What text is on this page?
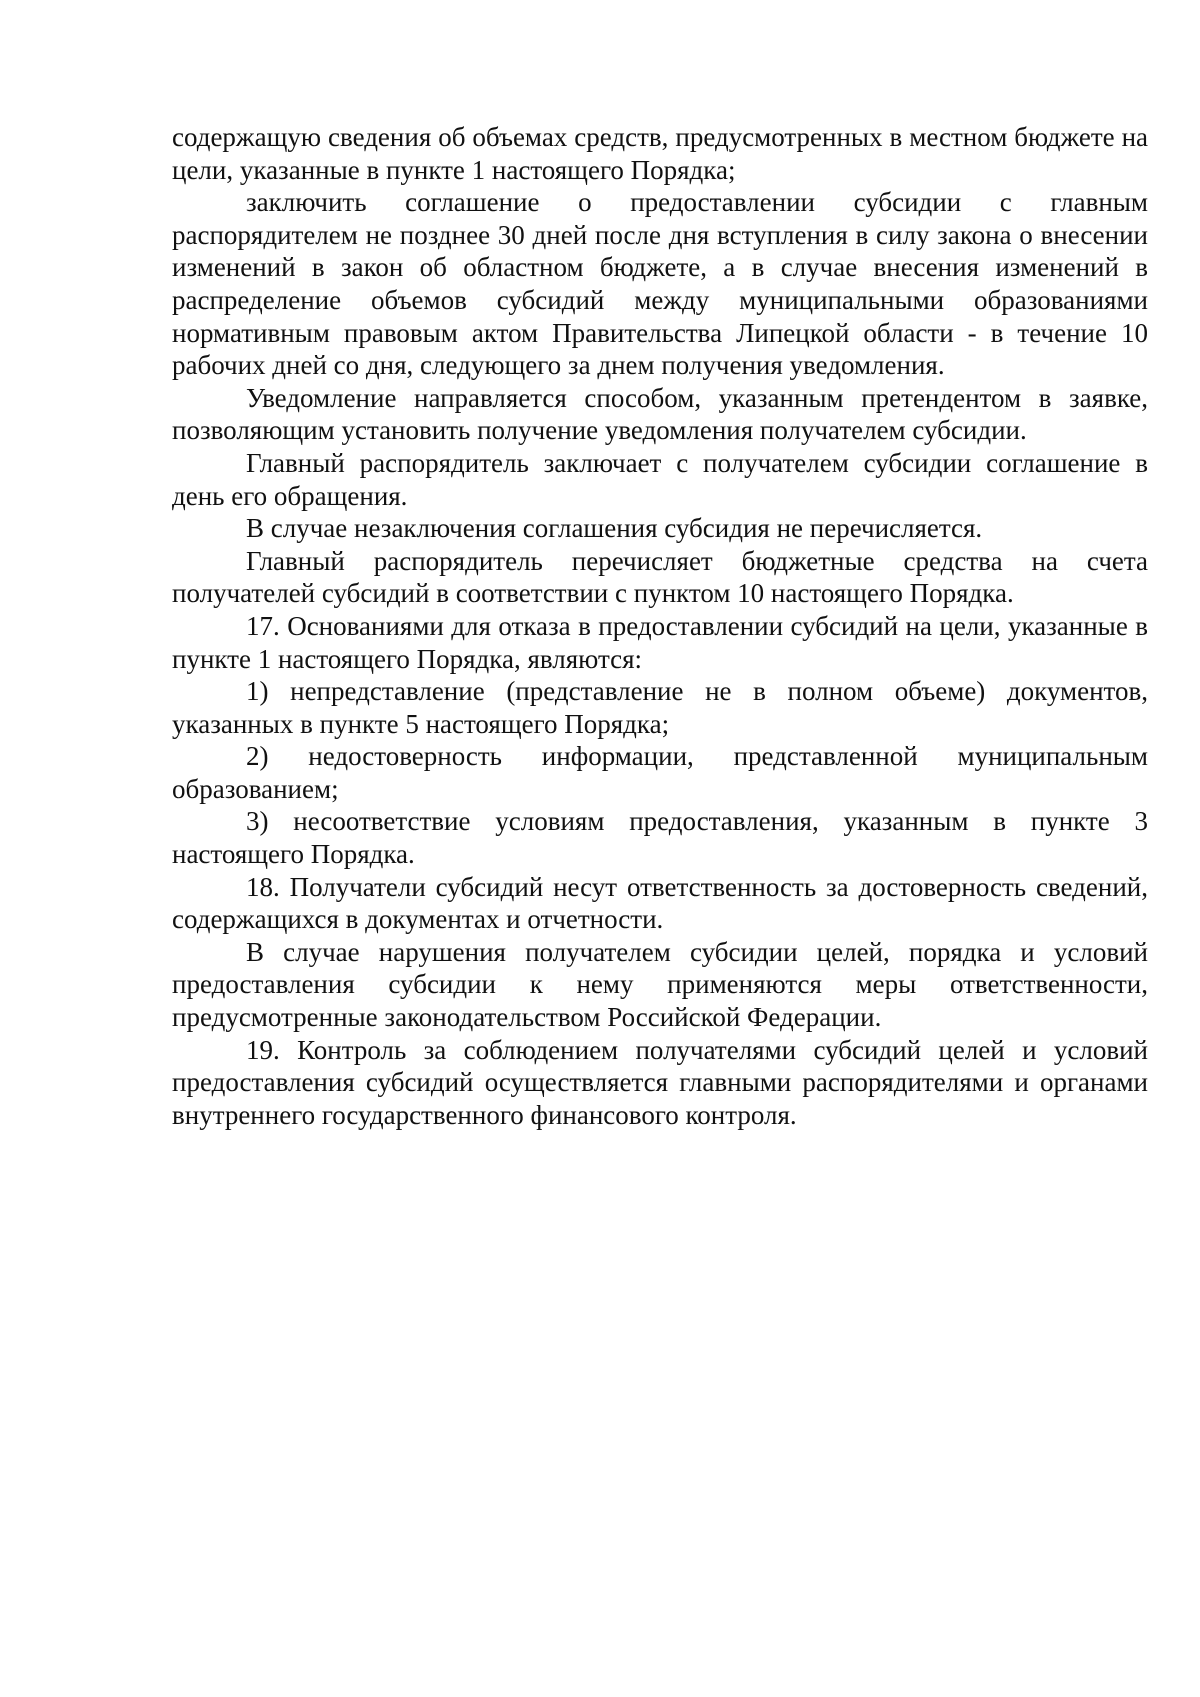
содержащую сведения об объемах средств, предусмотренных в местном бюджете на цели, указанные в пункте 1 настоящего Порядка;

заключить соглашение о предоставлении субсидии с главным распорядителем не позднее 30 дней после дня вступления в силу закона о внесении изменений в закон об областном бюджете, а в случае внесения изменений в распределение объемов субсидий между муниципальными образованиями нормативным правовым актом Правительства Липецкой области - в течение 10 рабочих дней со дня, следующего за днем получения уведомления.

Уведомление направляется способом, указанным претендентом в заявке, позволяющим установить получение уведомления получателем субсидии.

Главный распорядитель заключает с получателем субсидии соглашение в день его обращения.

В случае незаключения соглашения субсидия не перечисляется.

Главный распорядитель перечисляет бюджетные средства на счета получателей субсидий в соответствии с пунктом 10 настоящего Порядка.

17. Основаниями для отказа в предоставлении субсидий на цели, указанные в пункте 1 настоящего Порядка, являются:

1) непредставление (представление не в полном объеме) документов, указанных в пункте 5 настоящего Порядка;

2) недостоверность информации, представленной муниципальным образованием;

3) несоответствие условиям предоставления, указанным в пункте 3 настоящего Порядка.

18. Получатели субсидий несут ответственность за достоверность сведений, содержащихся в документах и отчетности.

В случае нарушения получателем субсидии целей, порядка и условий предоставления субсидии к нему применяются меры ответственности, предусмотренные законодательством Российской Федерации.

19. Контроль за соблюдением получателями субсидий целей и условий предоставления субсидий осуществляется главными распорядителями и органами внутреннего государственного финансового контроля.
